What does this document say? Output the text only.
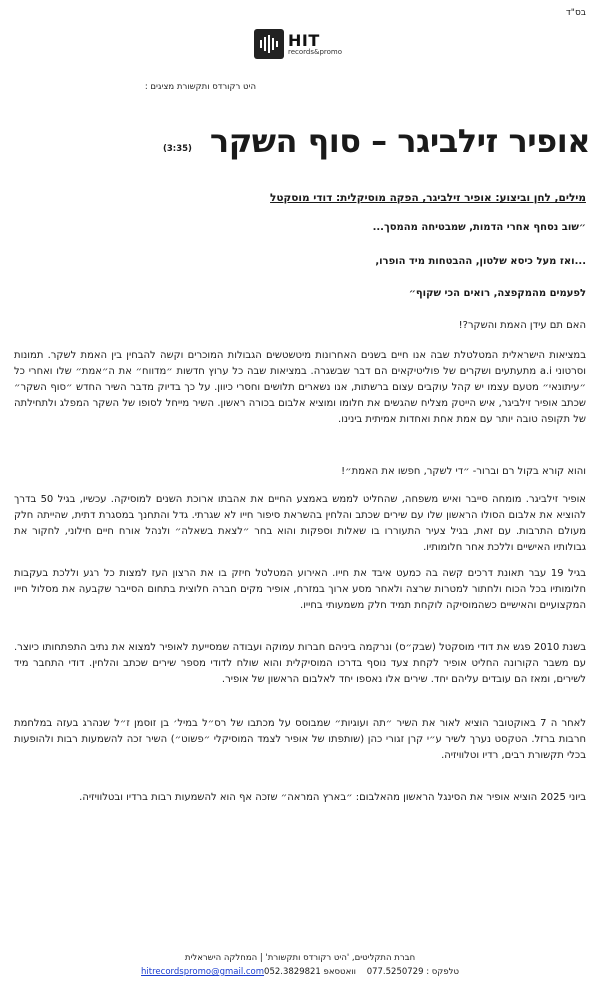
בס"ד
HIT
records&promo
היט רקורדס ותקשורת מציגים :
אופיר זילביגר – סוף השקר
(3:35)
מילים, לחן וביצוע: אופיר זילביגר, הפקה מוסיקלית: דודי מוסקטל
״שוב נסחף אחרי הדמות, שמבטיחה מהמסך...
...ואז מעל כיסא שלטון, ההבטחות מיד הופרו,
לפעמים מהמקפצה, רואים הכי שקוף״
האם תם עידן האמת והשקר?!
במציאות הישראלית המטלטלת שבה אנו חיים בשנים האחרונות מיטשטשים הגבולות המוכרים וקשה להבחין בין האמת לשקר. תמונות וסרטוני a.i מתעתעים ושקרים של פוליטיקאים הם דבר שבשגרה. במציאות שבה כל ערוץ חדשות ״מדווח״ את ה״אמת״ שלו ואחרי כל ״עיתונאי״ מטעם עצמו יש קהל עוקבים עצום ברשתות, אנו נשארים תלושים וחסרי כיוון. על כך בדיוק מדבר השיר החדש ״סוף השקר״ שכתב אופיר זילביגר, איש הייטק מצליח שהגשים את חלומו ומוציא אלבום בכורה ראשון. השיר מייחל לסופו של השקר המפלג ולתחילתה של תקופה טובה יותר עם אמת אחת ואחדות אמיתית בינינו.
והוא קורא בקול רם וברור- ״די לשקר, חפשו את האמת״!
אופיר זילביגר. מומחה סייבר ואיש משפחה, שהחליט לממש באמצע החיים את אהבתו ארוכת השנים למוסיקה. עכשיו, בגיל 50 בדרך להוציא את אלבום הסולו הראשון שלו עם שירים שכתב והלחין בהשראת סיפור חייו לא שגרתי. גדל והתחנך במסגרת דתית, שהייתה חלק מעולם התרבות. עם זאת, בגיל צעיר התעוררו בו שאלות וספקות והוא בחר ״לצאת בשאלה״ ולנהל אורח חיים חילוני, לחקור את גבולותיו האישיים וללכת אחר חלומותיו.
בגיל 19 עבר תאונת דרכים קשה בה כמעט איבד את חייו. האירוע המטלטל חיזק בו את הרצון העז למצות כל רגע וללכת בעקבות חלומותיו בכל הכוח ולחתור למטרות שרצה ולאחר מסע ארוך במזרח, אופיר מקים חברה חלוצית בתחום הסייבר שקבעה את מסלול חייו המקצועיים והאישיים כשהמוסיקה לוקחת תמיד חלק משמעותי בחייו.
בשנת 2010 פגש את דודי מוסקטל (שבק״ס) ונרקמה ביניהם חברות עמוקה ועבודה שמסייעת לאופיר למצוא את נתיב התפתחותו כיוצר. עם משבר הקורונה החליט אופיר לקחת צעד נוסף בדרכו המוסיקלית והוא שולח לדודי מספר שירים שכתב והלחין. דודי התחבר מיד לשירים, ומאז הם עובדים עליהם יחד. שירים אלו נאספו יחד לאלבום הראשון של אופיר.
לאחר ה 7 באוקטובר הוציא לאור את השיר ״תה ועוגיות״ שמבוסס על מכתבו של רס״ל במיל׳ בן זוסמן ז״ל שנהרג בעזה במלחמת חרבות ברזל. הטקסט נערך לשיר ע״י קרן זגורי כהן (שותפתו של אופיר לצמד המוסיקלי ״פשוט״) השיר זכה להשמעות רבות ולהופעות בכלי תקשורת רבים, רדיו וטלוויזיה.
ביוני 2025 הוציא אופיר את הסינגל הראשון מהאלבום: ״בארץ המראה״ שזכה אף הוא להשמעות רבות ברדיו ובטלוויזיה.
חברת התקליטים, 'היט רקורדס ותקשורת' | המחלקה הישראלית
טלפקס : 077.5250729    וואטסאפ hitrecordspromo@gmail.com052.3829821
